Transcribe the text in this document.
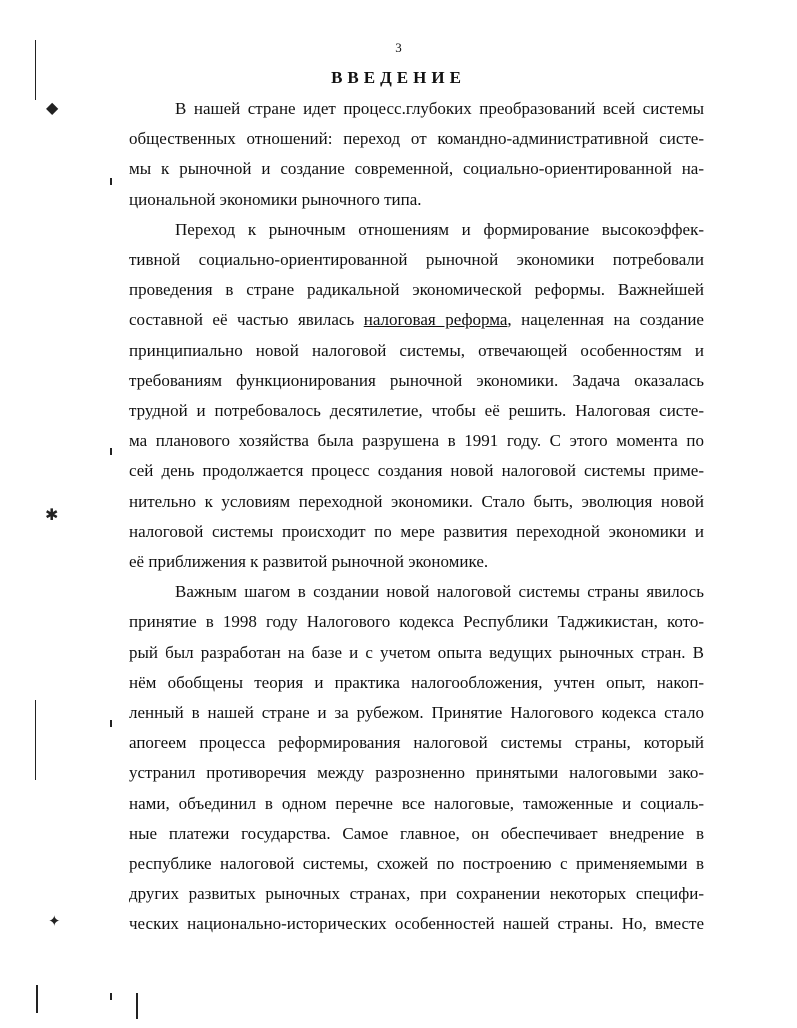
3
ВВЕДЕНИЕ
В нашей стране идет процесс.глубоких преобразований всей системы
общественных отношений: переход от командно-административной систе-
мы к рыночной и создание современной, социально-ориентированной на-
циональной экономики рыночного типа.
Переход к рыночным отношениям и формирование высокоэффек-
тивной социально-ориентированной рыночной экономики потребовали
проведения в стране радикальной экономической реформы. Важнейшей
составной её частью явилась налоговая реформа, нацеленная на создание
принципиально новой налоговой системы, отвечающей особенностям и
требованиям функционирования рыночной экономики. Задача оказалась
трудной и потребовалось десятилетие, чтобы её решить. Налоговая систе-
ма планового хозяйства была разрушена в 1991 году. С этого момента по
сей день продолжается процесс создания новой налоговой системы приме-
нительно к условиям переходной экономики. Стало быть, эволюция новой
налоговой системы происходит по мере развития переходной экономики и
её приближения к развитой рыночной экономике.
Важным шагом в создании новой налоговой системы страны явилось
принятие в 1998 году Налогового кодекса Республики Таджикистан, кото-
рый был разработан на базе и с учетом опыта ведущих рыночных стран. В
нём обобщены теория и практика налогообложения, учтен опыт, накоп-
ленный в нашей стране и за рубежом. Принятие Налогового кодекса стало
апогеем процесса реформирования налоговой системы страны, который
устранил противоречия между разрозненно принятыми налоговыми зако-
нами, объединил в одном перечне все налоговые, таможенные и социаль-
ные платежи государства. Самое главное, он обеспечивает внедрение в
республике налоговой системы, схожей по построению с применяемыми в
других развитых рыночных странах, при сохранении некоторых специфи-
ческих национально-исторических особенностей нашей страны. Но, вместе
◆
✱
✦
